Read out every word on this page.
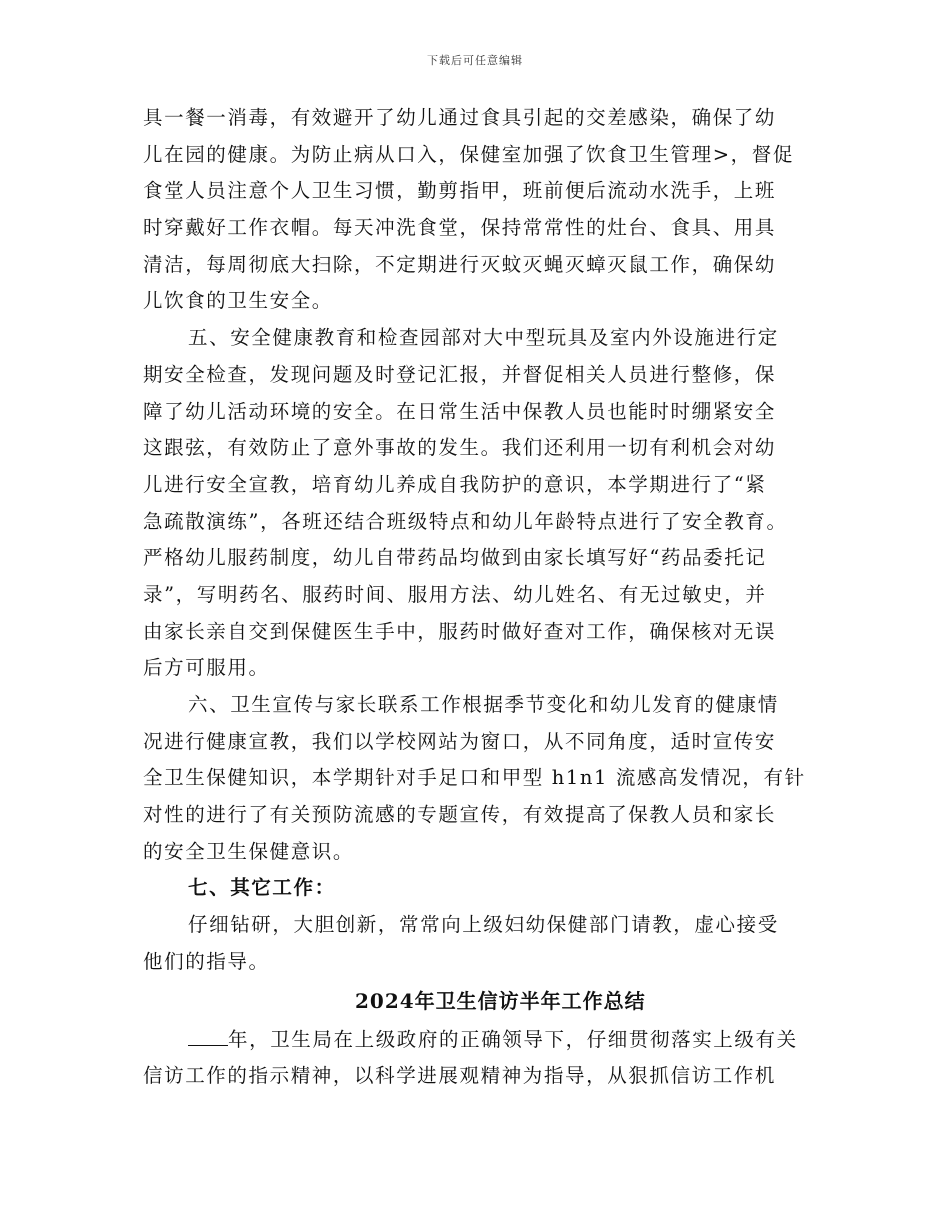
下载后可任意编辑
具一餐一消毒，有效避开了幼儿通过食具引起的交差感染，确保了幼
儿在园的健康。为防止病从口入，保健室加强了饮食卫生管理>，督促
食堂人员注意个人卫生习惯，勤剪指甲，班前便后流动水洗手，上班
时穿戴好工作衣帽。每天冲洗食堂，保持常常性的灶台、食具、用具
清洁，每周彻底大扫除，不定期进行灭蚊灭蝇灭蟑灭鼠工作，确保幼
儿饮食的卫生安全。
五、安全健康教育和检查园部对大中型玩具及室内外设施进行定
期安全检查，发现问题及时登记汇报，并督促相关人员进行整修，保
障了幼儿活动环境的安全。在日常生活中保教人员也能时时绷紧安全
这跟弦，有效防止了意外事故的发生。我们还利用一切有利机会对幼
儿进行安全宣教，培育幼儿养成自我防护的意识，本学期进行了“紧
急疏散演练”，各班还结合班级特点和幼儿年龄特点进行了安全教育。
严格幼儿服药制度，幼儿自带药品均做到由家长填写好“药品委托记
录”，写明药名、服药时间、服用方法、幼儿姓名、有无过敏史，并
由家长亲自交到保健医生手中，服药时做好查对工作，确保核对无误
后方可服用。
六、卫生宣传与家长联系工作根据季节变化和幼儿发育的健康情
况进行健康宣教，我们以学校网站为窗口，从不同角度，适时宣传安
全卫生保健知识，本学期针对手足口和甲型 h1n1 流感高发情况，有针
对性的进行了有关预防流感的专题宣传，有效提高了保教人员和家长
的安全卫生保健意识。
七、其它工作：
仔细钻研，大胆创新，常常向上级妇幼保健部门请教，虚心接受
他们的指导。
2024年卫生信访半年工作总结
年，卫生局在上级政府的正确领导下，仔细贯彻落实上级有关
信访工作的指示精神，以科学进展观精神为指导，从狠抓信访工作机
